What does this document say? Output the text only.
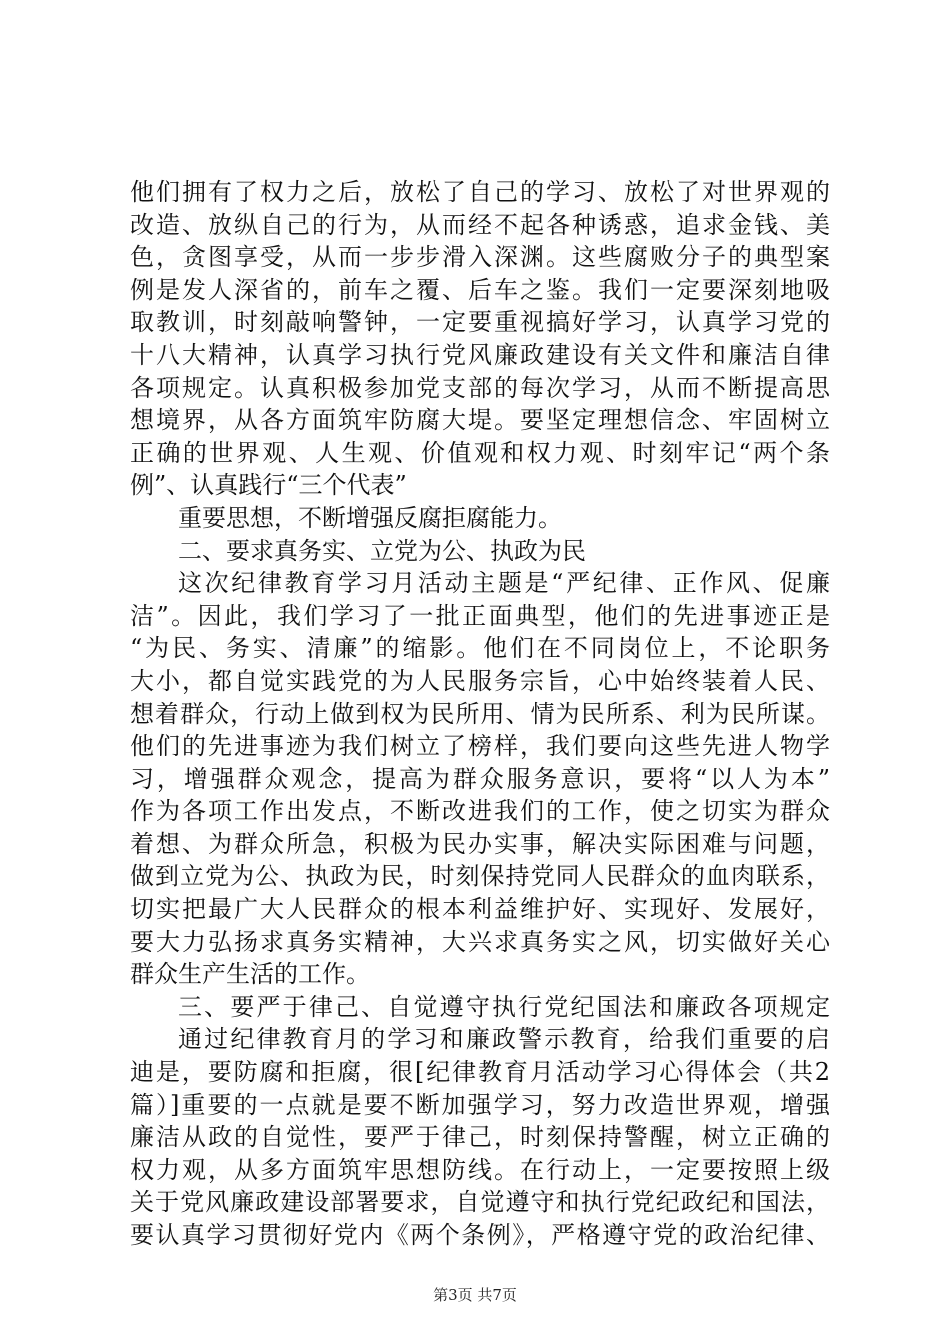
他们拥有了权力之后，放松了自己的学习、放松了对世界观的
改造、放纵自己的行为，从而经不起各种诱惑，追求金钱、美
色，贪图享受，从而一步步滑入深渊。这些腐败分子的典型案
例是发人深省的，前车之覆、后车之鉴。我们一定要深刻地吸
取教训，时刻敲响警钟，一定要重视搞好学习，认真学习党的
十八大精神，认真学习执行党风廉政建设有关文件和廉洁自律
各项规定。认真积极参加党支部的每次学习，从而不断提高思
想境界，从各方面筑牢防腐大堤。要坚定理想信念、牢固树立
正确的世界观、人生观、价值观和权力观、时刻牢记“两个条
例”、认真践行“三个代表”
重要思想，不断增强反腐拒腐能力。
二、要求真务实、立党为公、执政为民
这次纪律教育学习月活动主题是“严纪律、正作风、促廉
洁”。因此，我们学习了一批正面典型，他们的先进事迹正是
“为民、务实、清廉”的缩影。他们在不同岗位上，不论职务
大小，都自觉实践党的为人民服务宗旨，心中始终装着人民、
想着群众，行动上做到权为民所用、情为民所系、利为民所谋。
他们的先进事迹为我们树立了榜样，我们要向这些先进人物学
习，增强群众观念，提高为群众服务意识，要将“以人为本”
作为各项工作出发点，不断改进我们的工作，使之切实为群众
着想、为群众所急，积极为民办实事，解决实际困难与问题，
做到立党为公、执政为民，时刻保持党同人民群众的血肉联系，
切实把最广大人民群众的根本利益维护好、实现好、发展好，
要大力弘扬求真务实精神，大兴求真务实之风，切实做好关心
群众生产生活的工作。
三、要严于律己、自觉遵守执行党纪国法和廉政各项规定
通过纪律教育月的学习和廉政警示教育，给我们重要的启
迪是，要防腐和拒腐，很[纪律教育月活动学习心得体会（共2
篇）]重要的一点就是要不断加强学习，努力改造世界观，增强
廉洁从政的自觉性，要严于律己，时刻保持警醒，树立正确的
权力观，从多方面筑牢思想防线。在行动上，一定要按照上级
关于党风廉政建设部署要求，自觉遵守和执行党纪政纪和国法，
要认真学习贯彻好党内《两个条例》，严格遵守党的政治纪律、
第3页 共7页
